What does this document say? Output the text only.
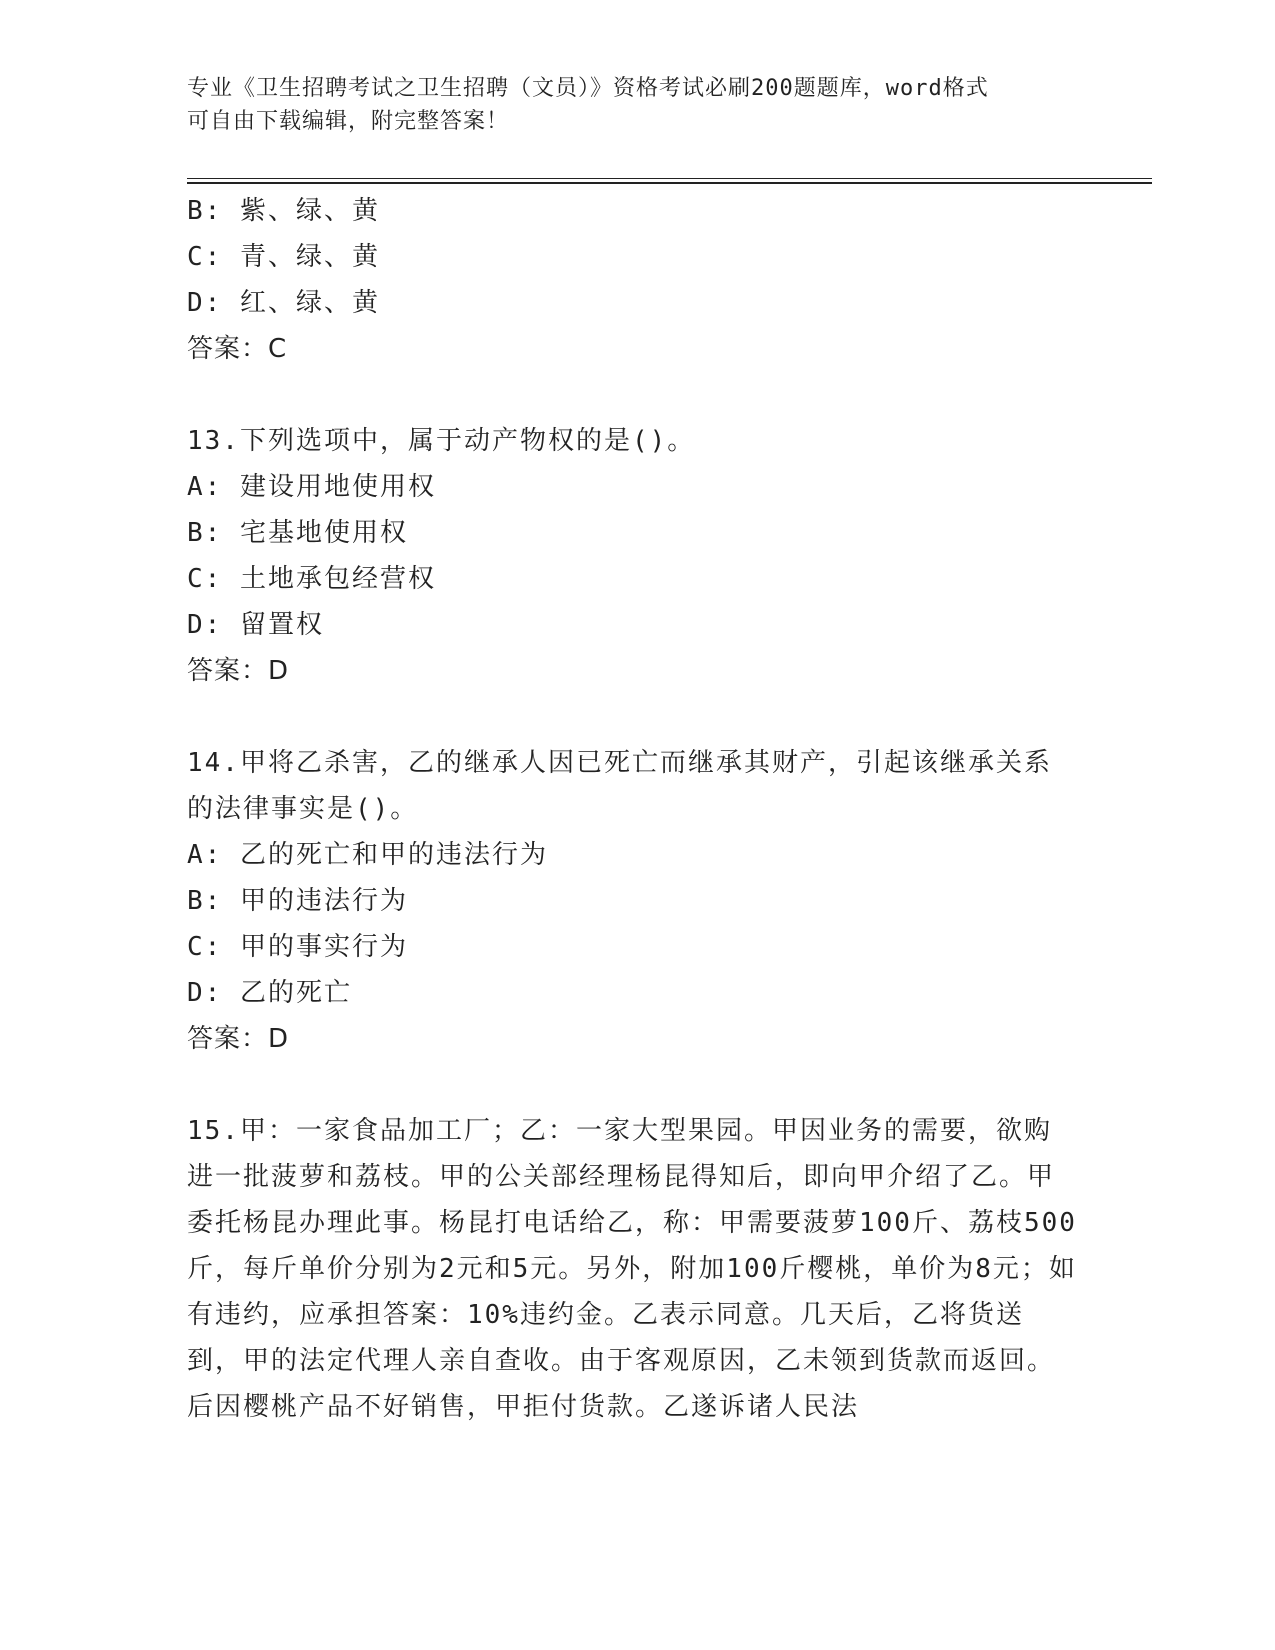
专业《卫生招聘考试之卫生招聘（文员）》资格考试必刷200题题库，word格式
可自由下载编辑，附完整答案！
B: 紫、绿、黄
C: 青、绿、黄
D: 红、绿、黄
答案：C
13.下列选项中，属于动产物权的是()。
A: 建设用地使用权
B: 宅基地使用权
C: 土地承包经营权
D: 留置权
答案：D
14.甲将乙杀害，乙的继承人因已死亡而继承其财产，引起该继承关系的法律事实是()。
A: 乙的死亡和甲的违法行为
B: 甲的违法行为
C: 甲的事实行为
D: 乙的死亡
答案：D
15.甲：一家食品加工厂；乙：一家大型果园。甲因业务的需要，欲购进一批菠萝和荔枝。甲的公关部经理杨昆得知后，即向甲介绍了乙。甲委托杨昆办理此事。杨昆打电话给乙，称：甲需要菠萝100斤、荔枝500斤，每斤单价分别为2元和5元。另外，附加100斤樱桃，单价为8元；如有违约，应承担答案：10%违约金。乙表示同意。几天后，乙将货送到，甲的法定代理人亲自查收。由于客观原因，乙未领到货款而返回。后因樱桃产品不好销售，甲拒付货款。乙遂诉诸人民法
